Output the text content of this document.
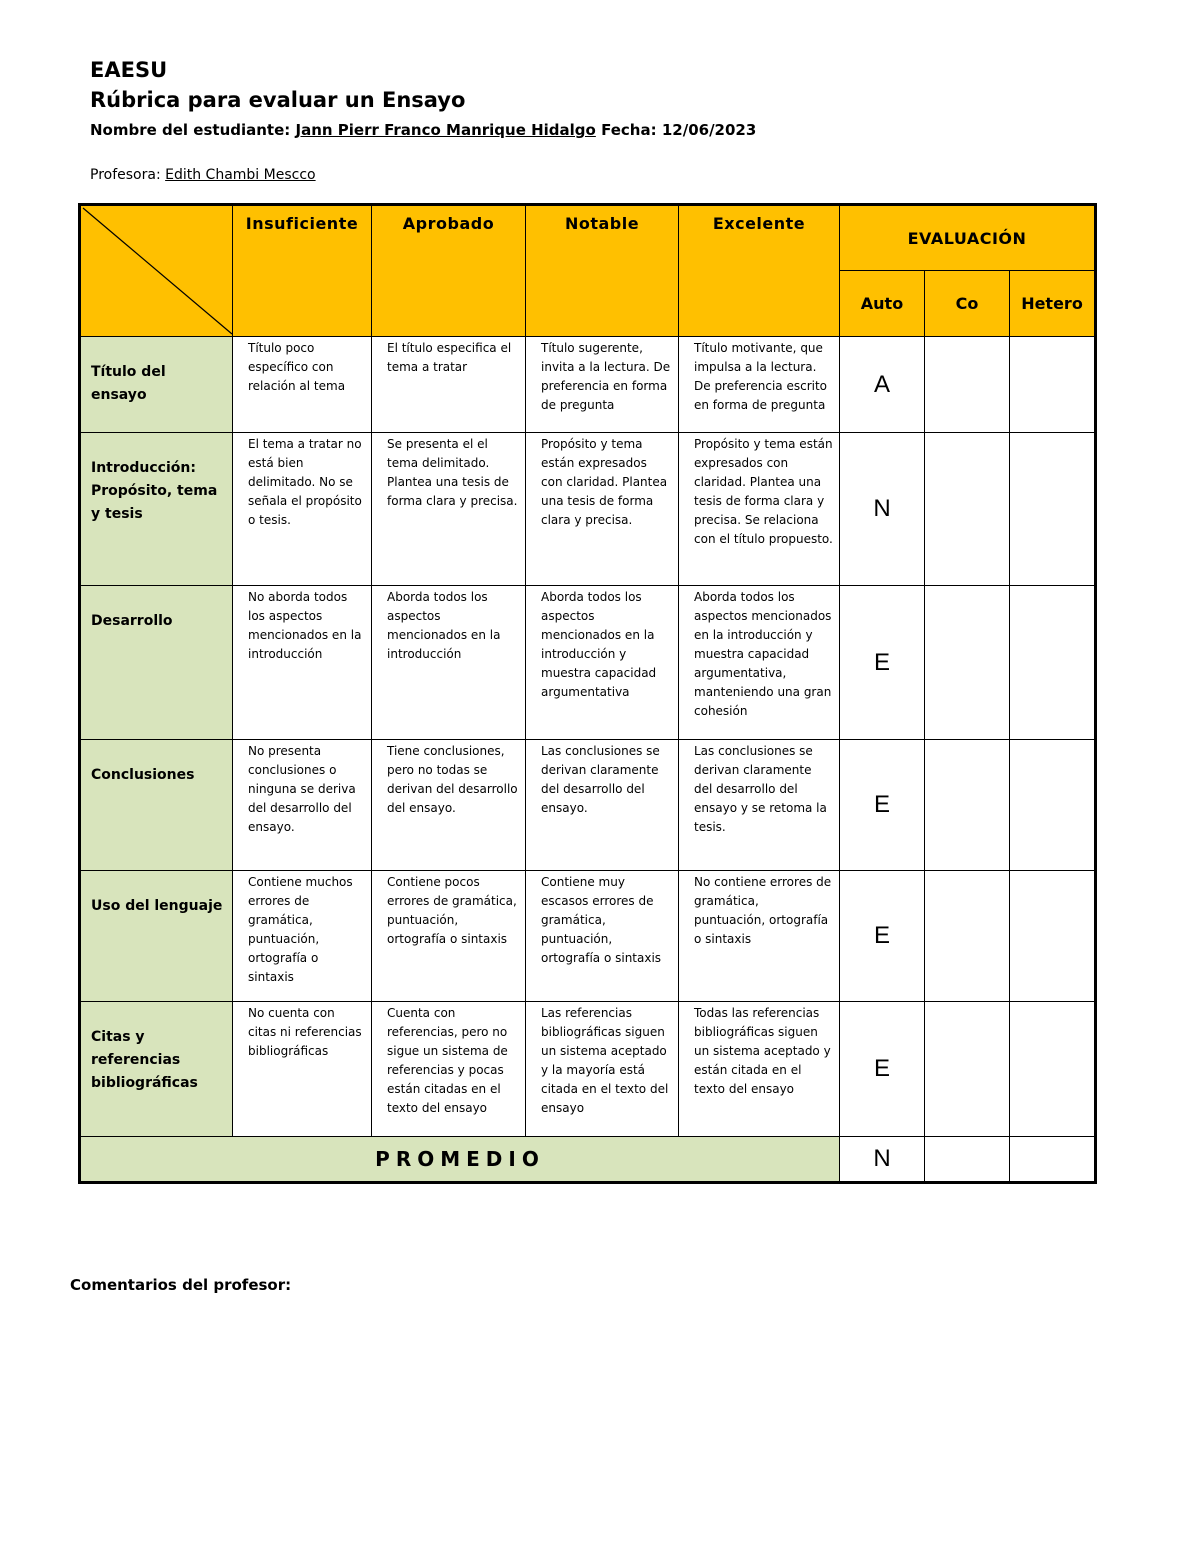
EAESU
Rúbrica para evaluar un Ensayo
Nombre del estudiante: Jann Pierr Franco Manrique Hidalgo Fecha: 12/06/2023
Profesora: Edith Chambi Mescco
	Insuficiente	Aprobado	Notable	Excelente	EVALUACIÓN		
					Auto	Co	Hetero

Título del ensayo	Título poco específico con relación al tema	El título especifica el tema a tratar	Título sugerente, invita a la lectura. De preferencia en forma de pregunta	Título motivante, que impulsa a la lectura. De preferencia escrito en forma de pregunta	A		

Introducción: Propósito, tema y tesis	El tema a tratar no está bien delimitado. No se señala el propósito o tesis.	Se presenta el el tema delimitado. Plantea una tesis de forma clara y precisa.	Propósito y tema están expresados con claridad. Plantea una tesis de forma clara y precisa.	Propósito y tema están expresados con claridad. Plantea una tesis de forma clara y precisa. Se relaciona con el título propuesto.	N		

Desarrollo	No aborda todos los aspectos mencionados en la introducción	Aborda todos los aspectos mencionados en la introducción	Aborda todos los aspectos mencionados en la introducción y muestra capacidad argumentativa	Aborda todos los aspectos mencionados en la introducción y muestra capacidad argumentativa, manteniendo una gran cohesión	E		

Conclusiones	No presenta conclusiones o ninguna se deriva del desarrollo del ensayo.	Tiene conclusiones, pero no todas se derivan del desarrollo del ensayo.	Las conclusiones se derivan claramente del desarrollo del ensayo.	Las conclusiones se derivan claramente del desarrollo del ensayo y se retoma la tesis.	E		

Uso del lenguaje	Contiene muchos errores de gramática, puntuación, ortografía o sintaxis	Contiene pocos errores de gramática, puntuación, ortografía o sintaxis	Contiene muy escasos errores de gramática, puntuación, ortografía o sintaxis	No contiene errores de gramática, puntuación, ortografía o sintaxis	E		

Citas y referencias bibliográficas	No cuenta con citas ni referencias bibliográficas	Cuenta con referencias, pero no sigue un sistema de referencias y pocas están citadas en el texto del ensayo	Las referencias bibliográficas siguen un sistema aceptado y la mayoría está citada en el texto del ensayo	Todas las referencias bibliográficas siguen un sistema aceptado y están citada en el texto del ensayo	E		
PROMEDIO					N		
Comentarios del profesor:
